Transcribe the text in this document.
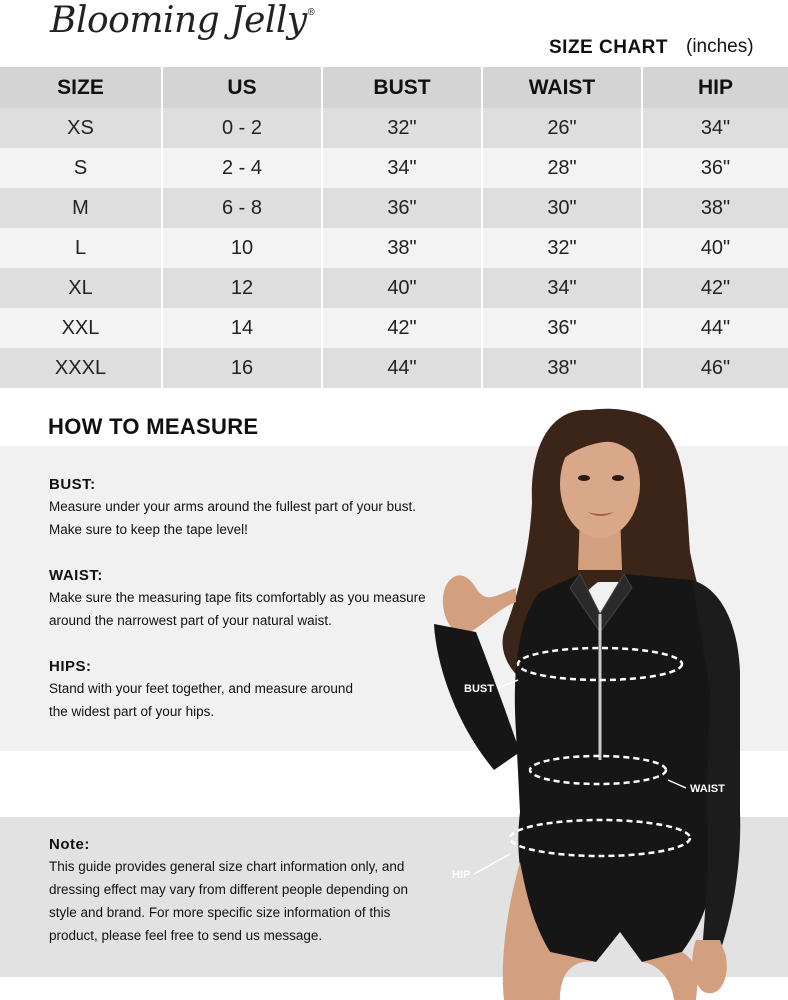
Blooming Jelly®
SIZE CHART (inches)
SIZE	US	BUST	WAIST	HIP
XS	0 - 2	32"	26"	34"
S	2 - 4	34"	28"	36"
M	6 - 8	36"	30"	38"
L	10	38"	32"	40"
XL	12	40"	34"	42"
XXL	14	42"	36"	44"
XXXL	16	44"	38"	46"
HOW TO MEASURE
BUST:
Measure under your arms around the fullest part of your bust.
Make sure to keep the tape level!
WAIST:
Make sure the measuring tape fits comfortably as you measure
around the narrowest part of your natural waist.
HIPS:
Stand with your feet together, and measure around
the widest part of your hips.
Note:
This guide provides general size chart information only, and
dressing effect may vary from different people depending on
style and brand. For more specific size information of this
product, please feel free to send us message.
BUST
WAIST
HIP
